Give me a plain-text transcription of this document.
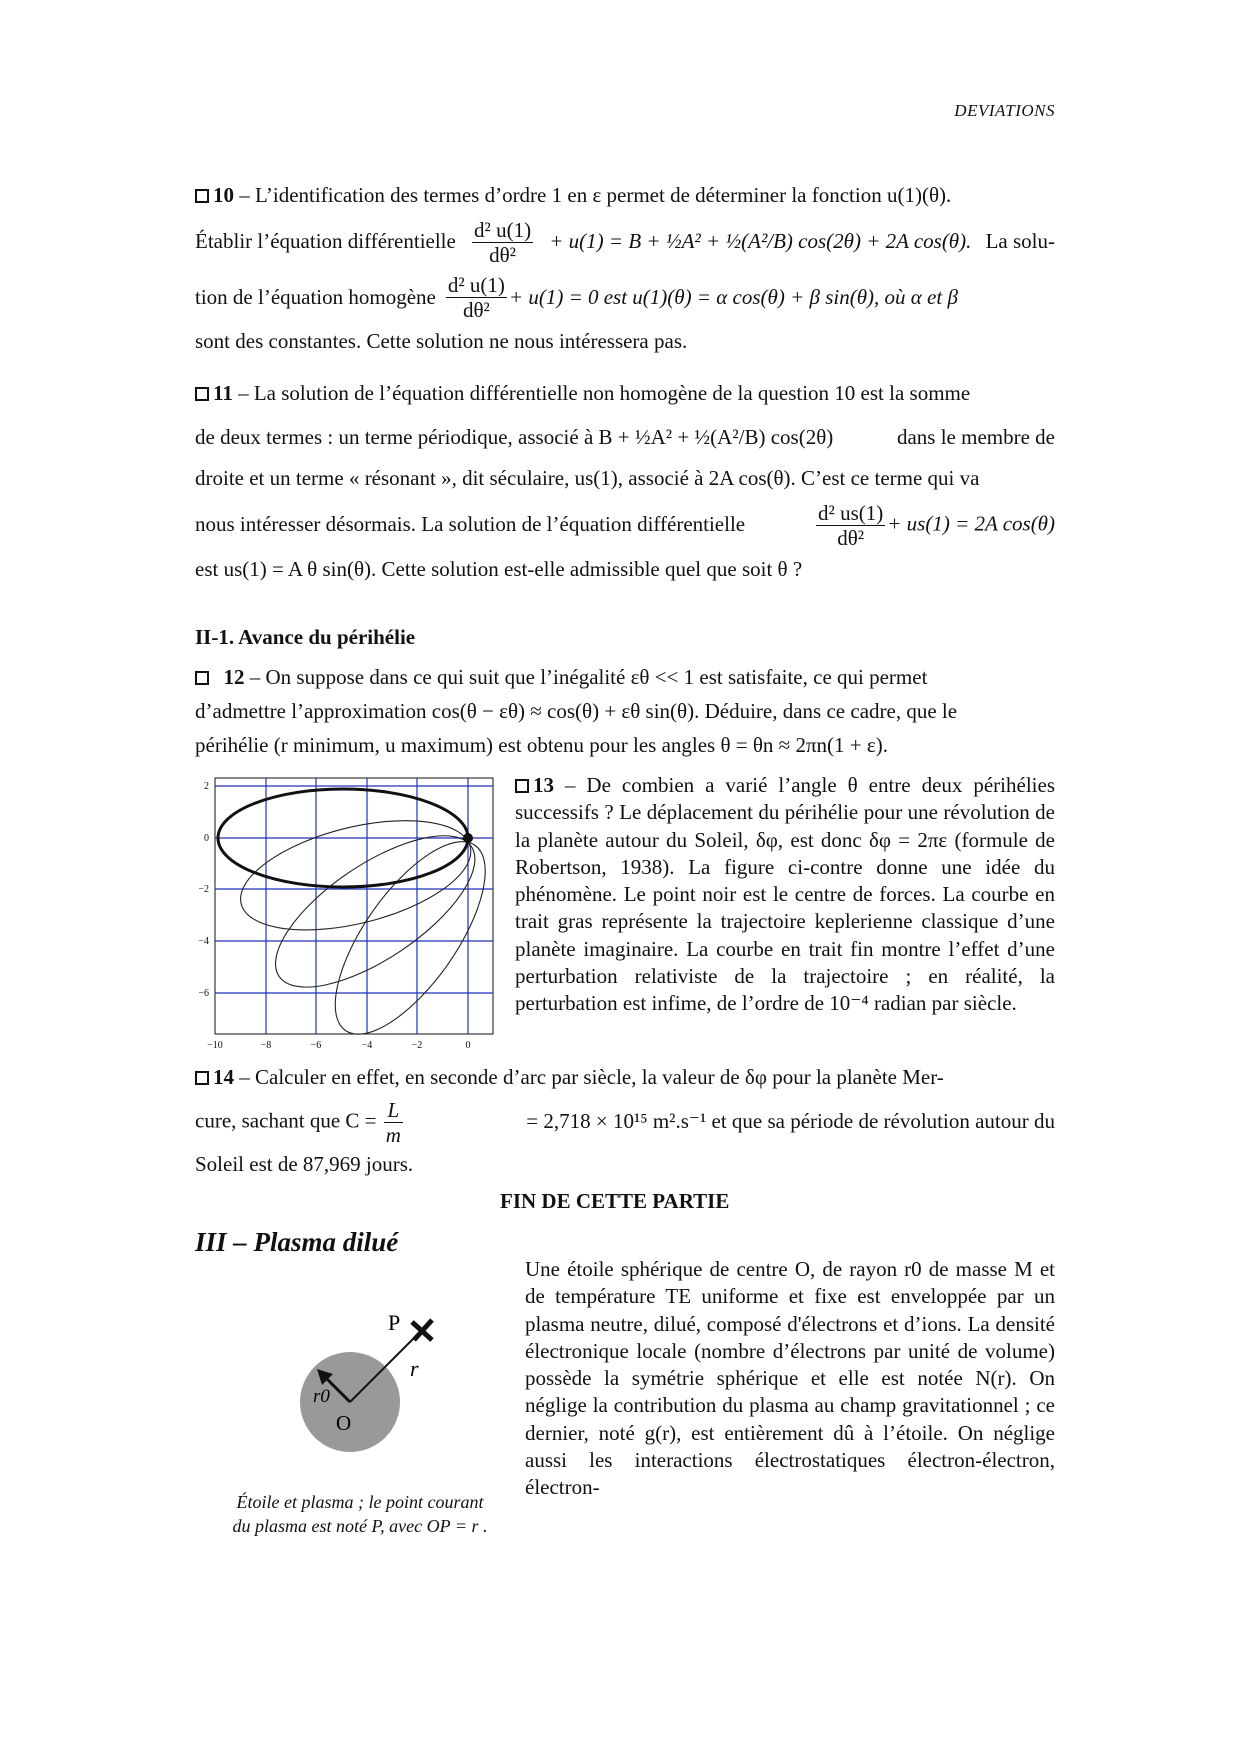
DEVIATIONS
10 – L’identification des termes d’ordre 1 en ε permet de déterminer la fonction u(1)(θ).
Établir l’équation différentielle $\frac{\text{d² u(1)}}{\text{dθ²}} + u(1) = B$ + ½A² + ½(A²/B) cos(2θ) + 2A cos(θ). La solu-
tion de l’équation homogène $\frac{\text{d² u(1)}}{\text{dθ²}} + u(1) = 0$ est u(1)(θ) = α cos(θ) + β sin(θ), où α et β
sont des constantes. Cette solution ne nous intéressera pas.
11 – La solution de l’équation différentielle non homogène de la question 10 est la somme
de deux termes : un terme périodique, associé à B + ½A² + ½(A²/B) cos(2θ)	dans le membre de
droite et un terme « résonant », dit séculaire, us(1), associé à 2A cos(θ). C’est ce terme qui va
nous intéresser désormais. La solution de l’équation différentielle	$\frac{\text{d² us(1)}}{\text{dθ²}} + us(1) = 2A$ cos(θ)
est us(1) = A θ sin(θ). Cette solution est-elle admissible quel que soit θ ?
II-1. Avance du périhélie
12 – On suppose dans ce qui suit que l’inégalité εθ << 1 est satisfaite, ce qui permet
d’admettre l’approximation cos(θ − εθ) ≈ cos(θ) + εθ sin(θ). Déduire, dans ce cadre, que le
périhélie (r minimum, u maximum) est obtenu pour les angles θ = θn ≈ 2πn(1 + ε).
2
0
−2
−4
−6
−10	−8	−6	−4	−2	0
13 – De combien a varié l’angle θ entre deux périhélies successifs ? Le déplacement du périhélie pour une révolution de la planète autour du Soleil, δφ, est donc δφ = 2πε (formule de Robertson, 1938). La figure ci-contre donne une idée du phénomène. Le point noir est le centre de forces. La courbe en trait gras représente la trajectoire keplerienne classique d’une planète imaginaire. La courbe en trait fin montre l’effet d’une perturbation relativiste de la trajectoire ; en réalité, la perturbation est infime, de l’ordre de 10⁻⁴ radian par siècle.
14 – Calculer en effet, en seconde d’arc par siècle, la valeur de δφ pour la planète Mer-
cure, sachant que $C = \frac{L}{m}$	= 2,718 × 10¹⁵ m².s⁻¹ et que sa période de révolution autour du
Soleil est de 87,969 jours.
FIN DE CETTE PARTIE
III – Plasma dilué
P
r
r0
O
Étoile et plasma ; le point courant
du plasma est noté P, avec OP = r .
Une étoile sphérique de centre O, de rayon r0 de masse M et de température TE uniforme et fixe est enveloppée par un plasma neutre, dilué, composé d'électrons et d’ions. La densité électronique locale (nombre d’électrons par unité de volume) possède la symétrie sphérique et elle est notée N(r). On néglige la contribution du plasma au champ gravitationnel ; ce dernier, noté g(r), est entièrement dû à l’étoile. On néglige aussi les interactions électrostatiques électron-électron, électron-
